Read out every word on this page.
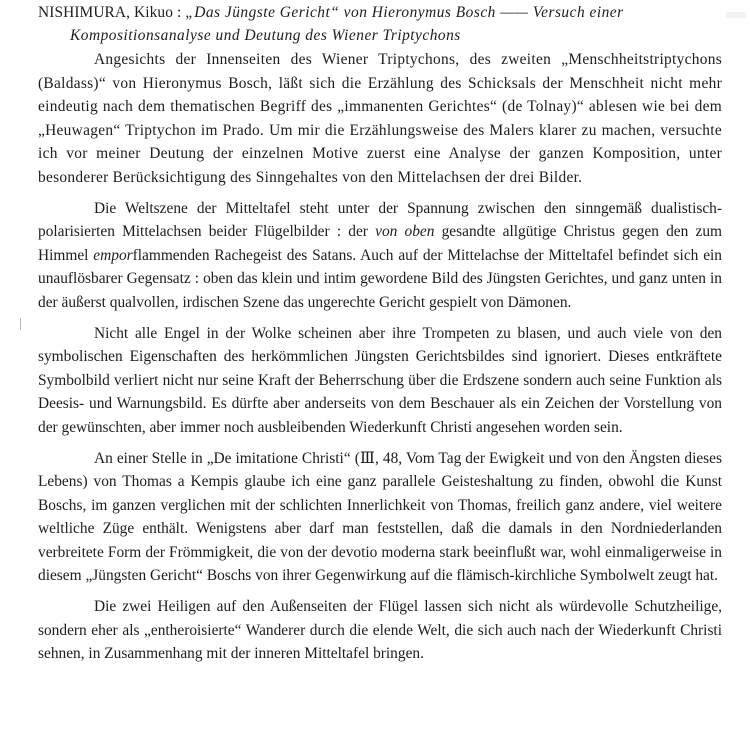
NISHIMURA, Kikuo : „Das Jüngste Gericht“ von Hieronymus Bosch —— Versuch einer
Kompositionsanalyse und Deutung des Wiener Triptychons

Angesichts der Innenseiten des Wiener Triptychons, des zweiten „Menschheitstriptychons (Baldass)“ von Hieronymus Bosch, läßt sich die Erzählung des Schicksals der Menschheit nicht mehr eindeutig nach dem thematischen Begriff des „immanenten Gerichtes“ (de Tolnay)“ ablesen wie bei dem „Heuwagen“ Triptychon im Prado. Um mir die Erzählungsweise des Malers klarer zu machen, versuchte ich vor meiner Deutung der einzelnen Motive zuerst eine Analyse der ganzen Komposition, unter besonderer Berücksichtigung des Sinngehaltes von den Mittelachsen der drei Bilder.

Die Weltszene der Mitteltafel steht unter der Spannung zwischen den sinngemäß dualistisch-polarisierten Mittelachsen beider Flügelbilder : der von oben gesandte allgütige Christus gegen den zum Himmel emporflammenden Rachegeist des Satans. Auch auf der Mittelachse der Mitteltafel befindet sich ein unauflösbarer Gegensatz : oben das klein und intim gewordene Bild des Jüngsten Gerichtes, und ganz unten in der äußerst qualvollen, irdischen Szene das ungerechte Gericht gespielt von Dämonen.

Nicht alle Engel in der Wolke scheinen aber ihre Trompeten zu blasen, und auch viele von den symbolischen Eigenschaften des herkömmlichen Jüngsten Gerichtsbildes sind ignoriert. Dieses entkräftete Symbolbild verliert nicht nur seine Kraft der Beherrschung über die Erdszene sondern auch seine Funktion als Deesis- und Warnungsbild. Es dürfte aber anderseits von dem Beschauer als ein Zeichen der Vorstellung von der gewünschten, aber immer noch ausbleibenden Wiederkunft Christi angesehen worden sein.

An einer Stelle in „De imitatione Christi“ (Ⅲ, 48, Vom Tag der Ewigkeit und von den Ängsten dieses Lebens) von Thomas a Kempis glaube ich eine ganz parallele Geisteshaltung zu finden, obwohl die Kunst Boschs, im ganzen verglichen mit der schlichten Innerlichkeit von Thomas, freilich ganz andere, viel weitere weltliche Züge enthält. Wenigstens aber darf man feststellen, daß die damals in den Nordniederlanden verbreitete Form der Frömmigkeit, die von der devotio moderna stark beeinflußt war, wohl einmaligerweise in diesem „Jüngsten Gericht“ Boschs von ihrer Gegenwirkung auf die flämisch-kirchliche Symbolwelt zeugt hat.

Die zwei Heiligen auf den Außenseiten der Flügel lassen sich nicht als würdevolle Schutzheilige, sondern eher als „entheroisierte“ Wanderer durch die elende Welt, die sich auch nach der Wiederkunft Christi sehnen, in Zusammenhang mit der inneren Mitteltafel bringen.
